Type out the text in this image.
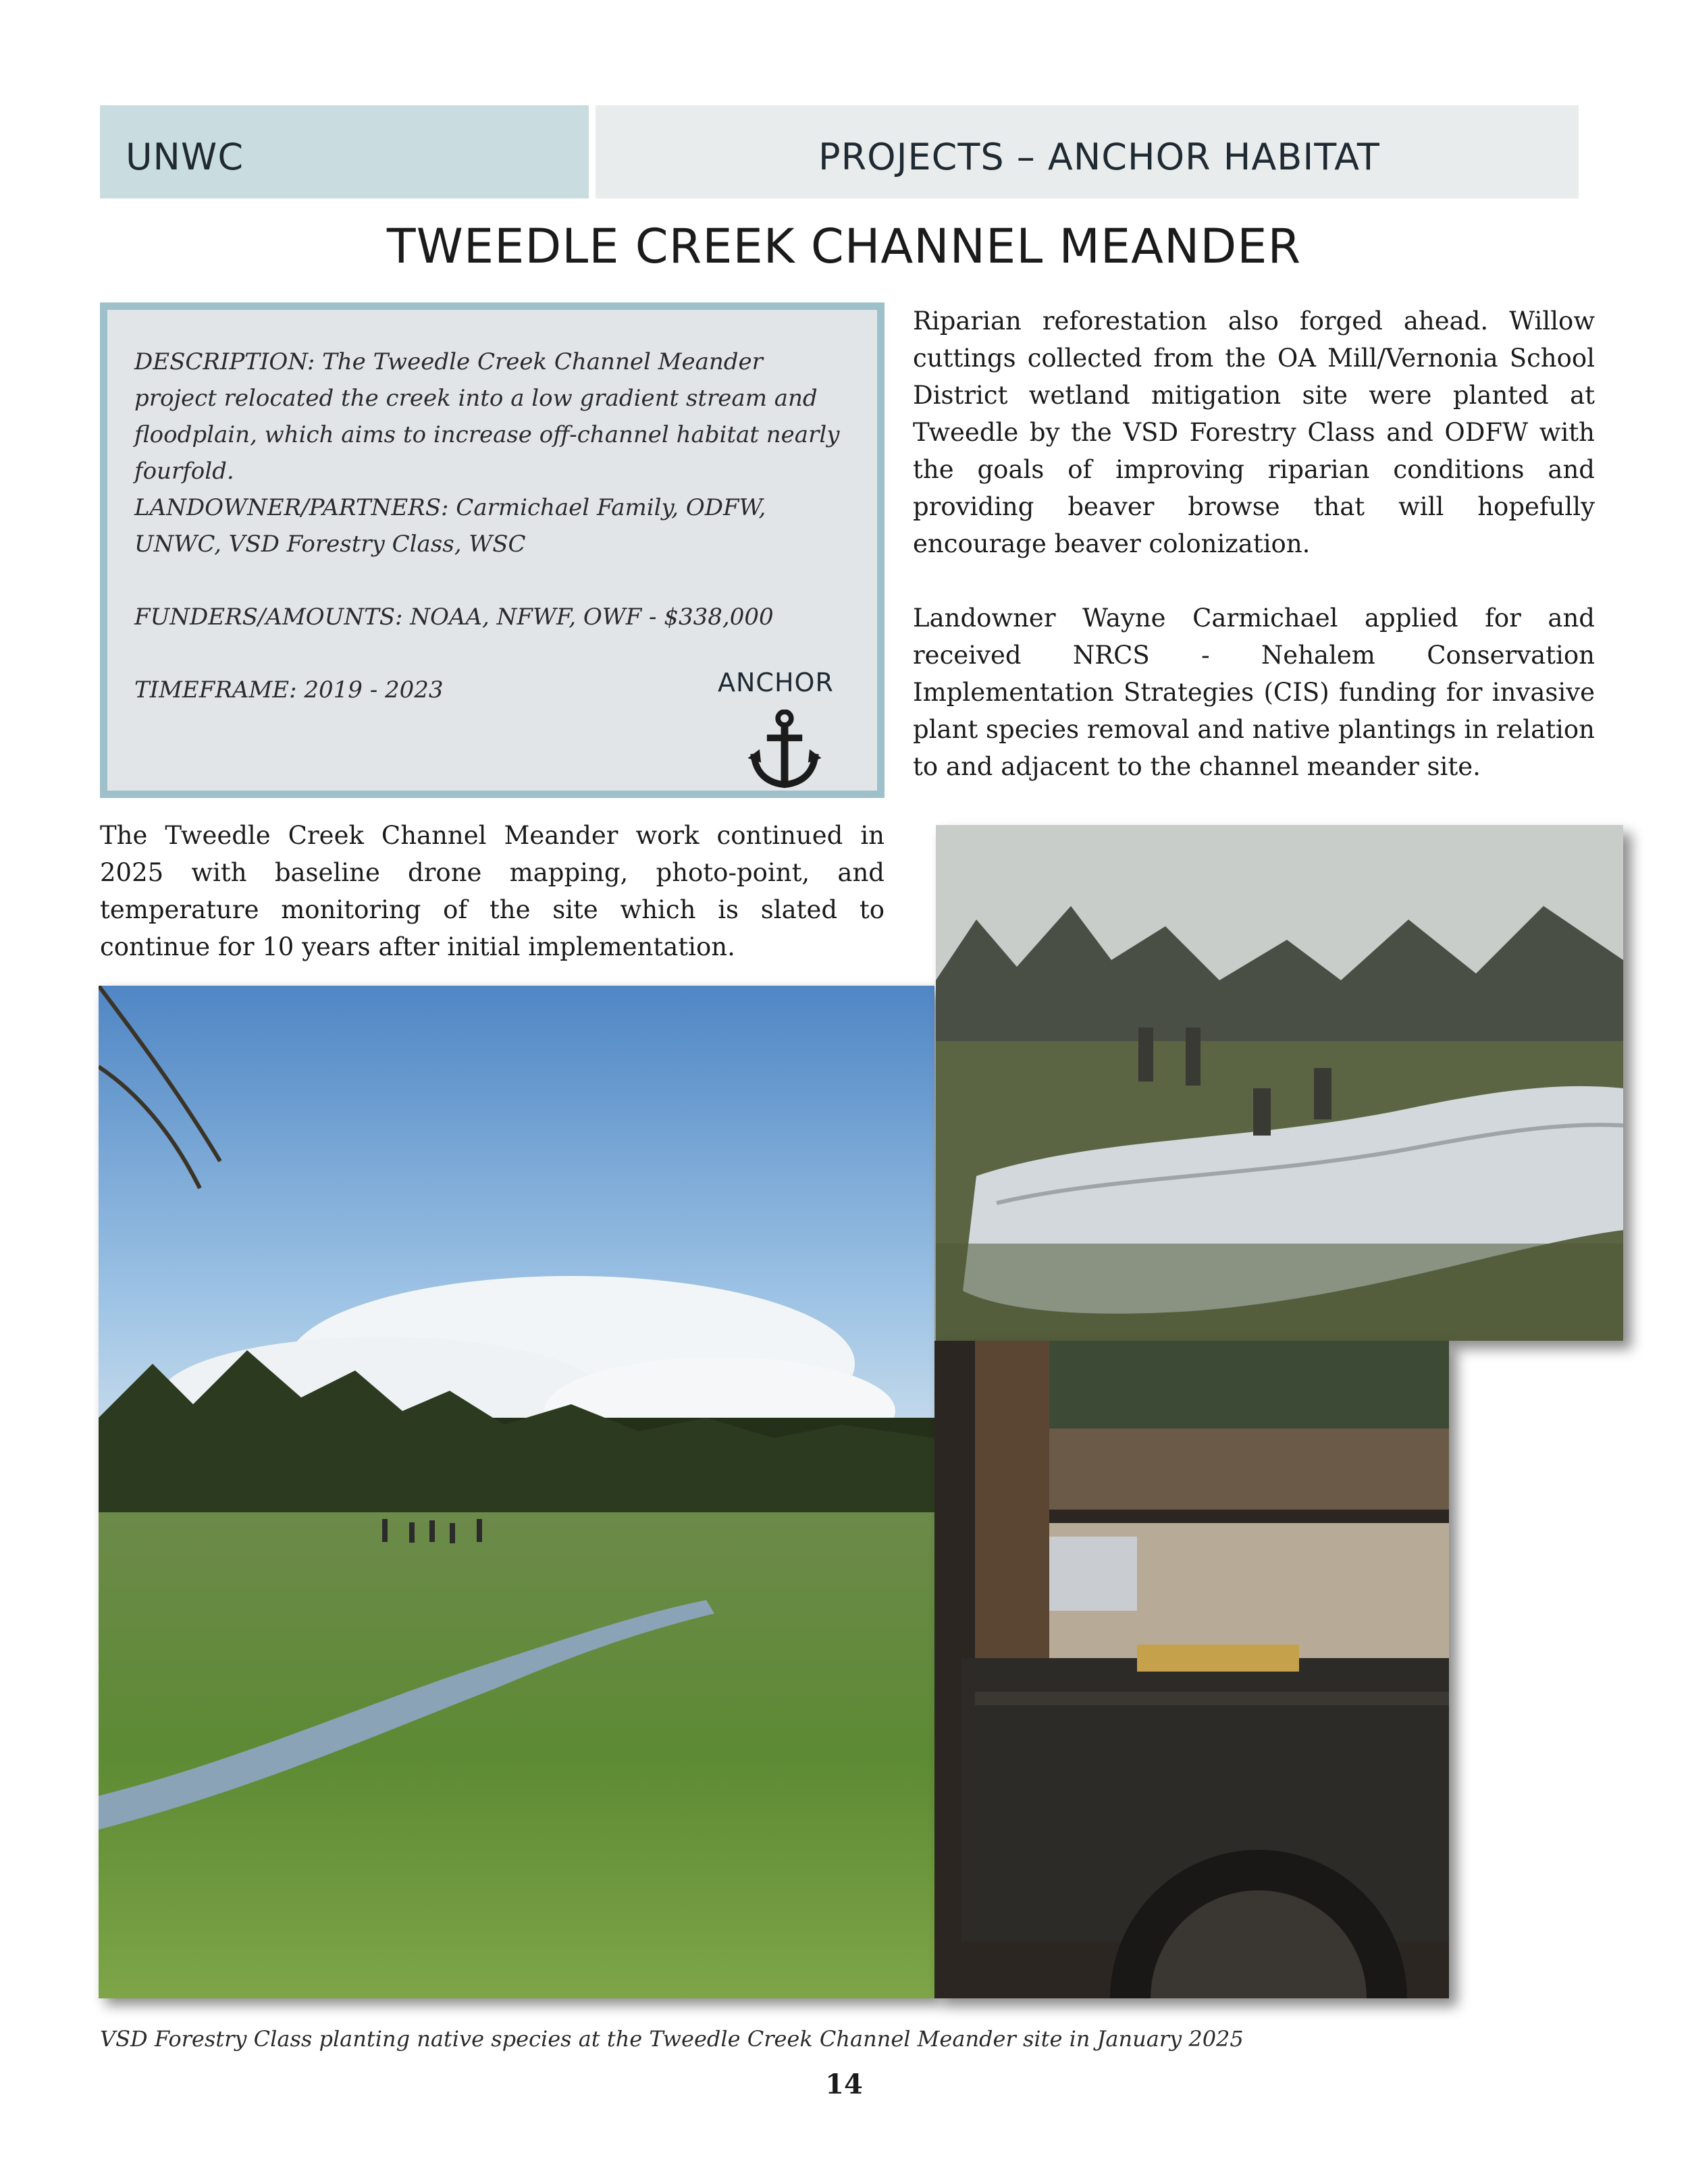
UNWC	PROJECTS – ANCHOR HABITAT
TWEEDLE CREEK CHANNEL MEANDER
DESCRIPTION: The Tweedle Creek Channel Meander project relocated the creek into a low gradient stream and floodplain, which aims to increase off-channel habitat nearly fourfold.
LANDOWNER/PARTNERS: Carmichael Family, ODFW, UNWC, VSD Forestry Class, WSC
FUNDERS/AMOUNTS: NOAA, NFWF, OWF - $338,000
TIMEFRAME: 2019 - 2023	ANCHOR

Riparian reforestation also forged ahead. Willow cuttings collected from the OA Mill/Vernonia School District wetland mitigation site were planted at Tweedle by the VSD Forestry Class and ODFW with the goals of improving riparian conditions and providing beaver browse that will hopefully encourage beaver colonization.

Landowner Wayne Carmichael applied for and received NRCS - Nehalem Conservation Implementation Strategies (CIS) funding for invasive plant species removal and native plantings in relation to and adjacent to the channel meander site.

The Tweedle Creek Channel Meander work continued in 2025 with baseline drone mapping, photo-point, and temperature monitoring of the site which is slated to continue for 10 years after initial implementation.
VSD Forestry Class planting native species at the Tweedle Creek Channel Meander site in January 2025
14
